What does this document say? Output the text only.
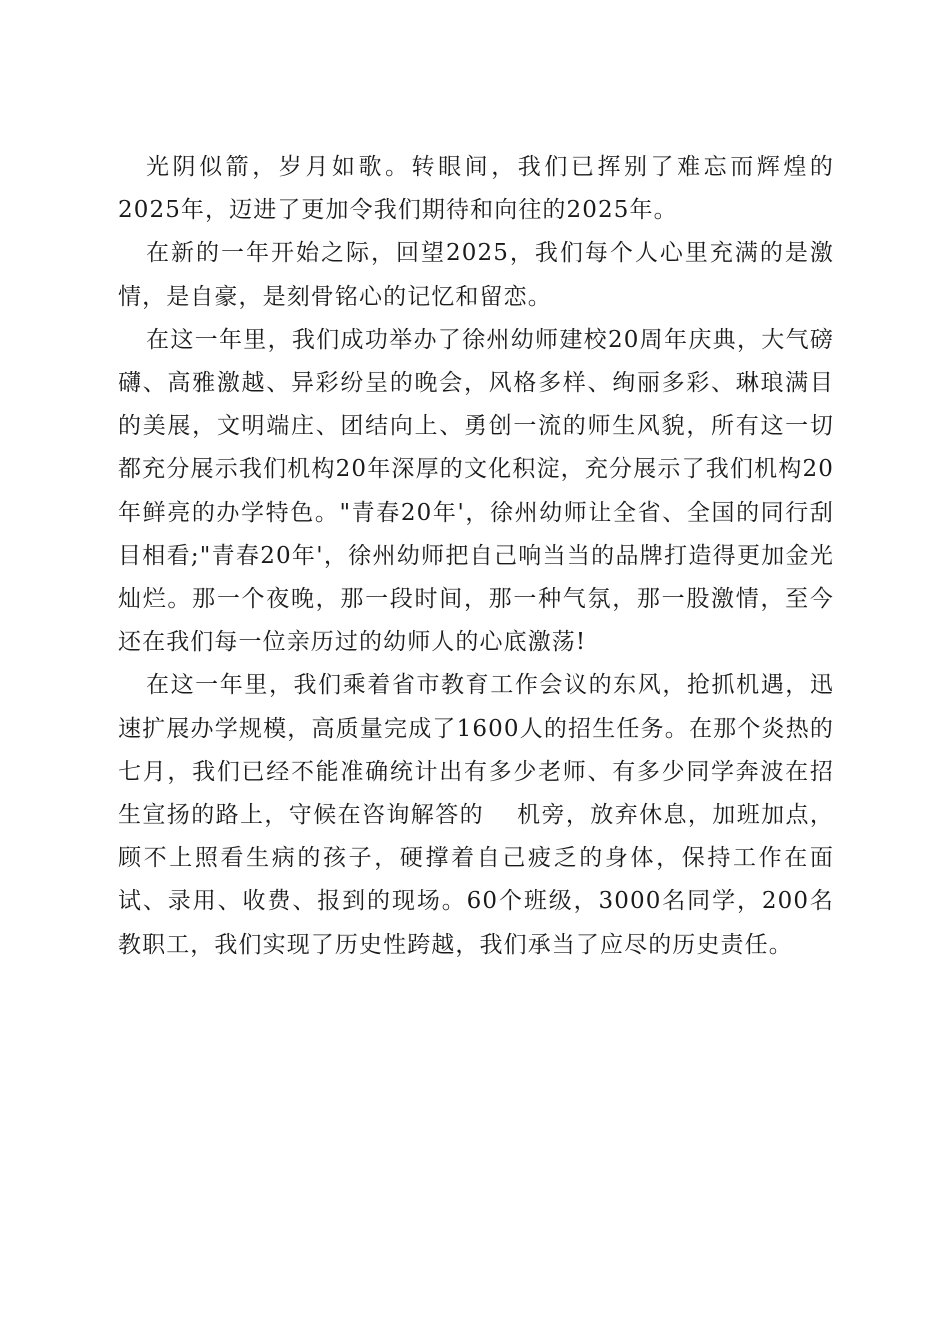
光阴似箭，岁月如歌。转眼间，我们已挥别了难忘而辉煌的2025年，迈进了更加令我们期待和向往的2025年。

在新的一年开始之际，回望2025，我们每个人心里充满的是激情，是自豪，是刻骨铭心的记忆和留恋。

在这一年里，我们成功举办了徐州幼师建校20周年庆典，大气磅礴、高雅激越、异彩纷呈的晚会，风格多样、绚丽多彩、琳琅满目的美展，文明端庄、团结向上、勇创一流的师生风貌，所有这一切都充分展示我们机构20年深厚的文化积淀，充分展示了我们机构20年鲜亮的办学特色。"青春20年'，徐州幼师让全省、全国的同行刮目相看;"青春20年'，徐州幼师把自己响当当的品牌打造得更加金光灿烂。那一个夜晚，那一段时间，那一种气氛，那一股激情，至今还在我们每一位亲历过的幼师人的心底激荡!

在这一年里，我们乘着省市教育工作会议的东风，抢抓机遇，迅速扩展办学规模，高质量完成了1600人的招生任务。在那个炎热的七月，我们已经不能准确统计出有多少老师、有多少同学奔波在招生宣扬的路上，守候在咨询解答的 　机旁，放弃休息，加班加点，顾不上照看生病的孩子，硬撑着自己疲乏的身体，保持工作在面试、录用、收费、报到的现场。60个班级，3000名同学，200名教职工，我们实现了历史性跨越，我们承当了应尽的历史责任。
